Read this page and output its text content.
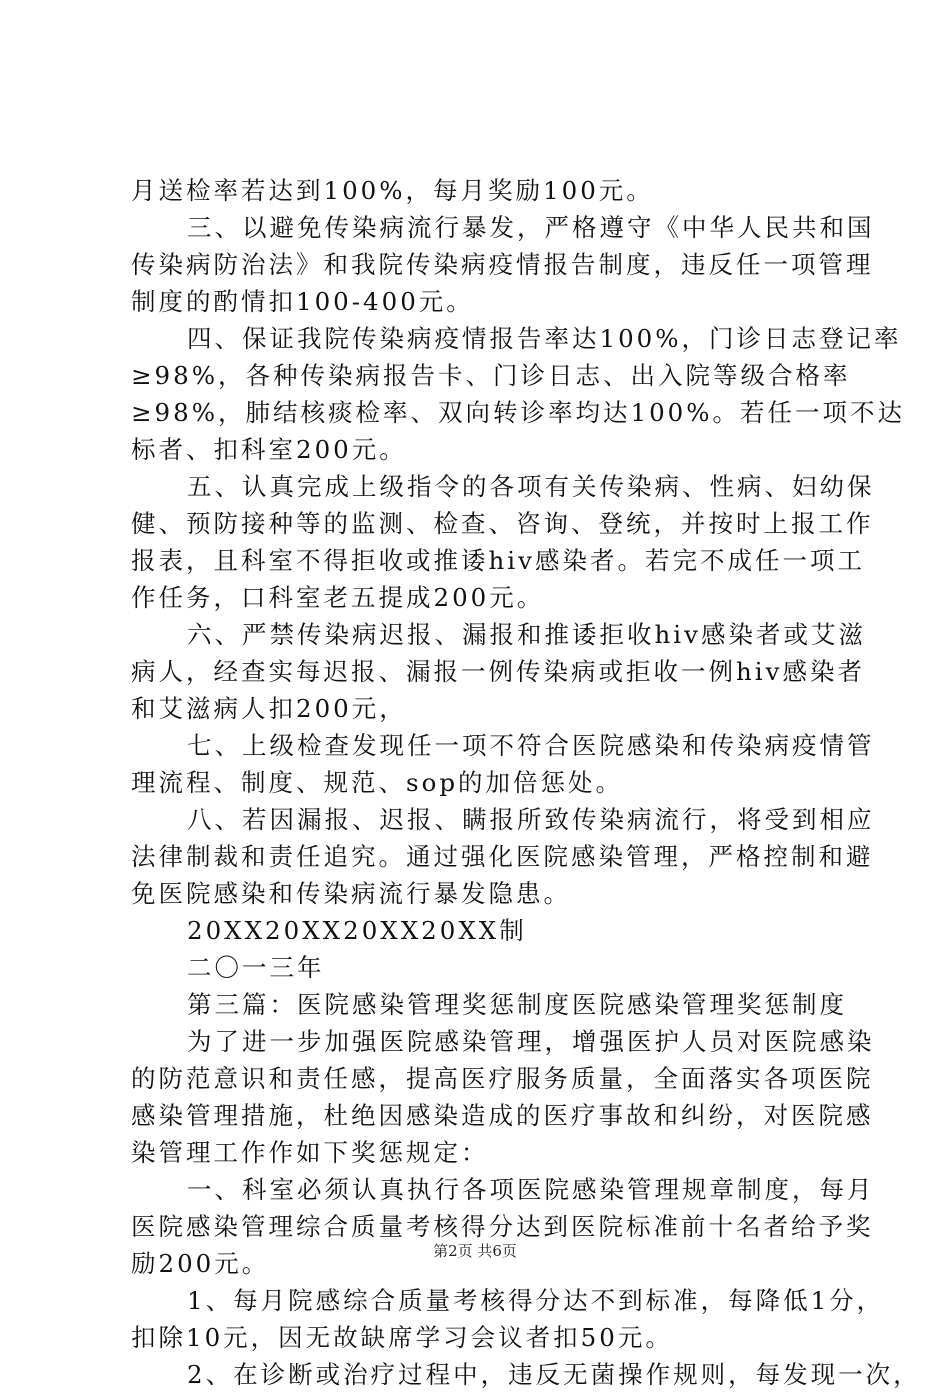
月送检率若达到100%，每月奖励100元。
三、以避免传染病流行暴发，严格遵守《中华人民共和国
传染病防治法》和我院传染病疫情报告制度，违反任一项管理
制度的酌情扣100-400元。
四、保证我院传染病疫情报告率达100%，门诊日志登记率
≥98%，各种传染病报告卡、门诊日志、出入院等级合格率
≥98%，肺结核痰检率、双向转诊率均达100%。若任一项不达
标者、扣科室200元。
五、认真完成上级指令的各项有关传染病、性病、妇幼保
健、预防接种等的监测、检查、咨询、登统，并按时上报工作
报表，且科室不得拒收或推诿hiv感染者。若完不成任一项工
作任务，口科室老五提成200元。
六、严禁传染病迟报、漏报和推诿拒收hiv感染者或艾滋
病人，经查实每迟报、漏报一例传染病或拒收一例hiv感染者
和艾滋病人扣200元，
七、上级检查发现任一项不符合医院感染和传染病疫情管
理流程、制度、规范、sop的加倍惩处。
八、若因漏报、迟报、瞒报所致传染病流行，将受到相应
法律制裁和责任追究。通过强化医院感染管理，严格控制和避
免医院感染和传染病流行暴发隐患。
20XX20XX20XX20XX制
二〇一三年
第三篇：医院感染管理奖惩制度医院感染管理奖惩制度
为了进一步加强医院感染管理，增强医护人员对医院感染
的防范意识和责任感，提高医疗服务质量，全面落实各项医院
感染管理措施，杜绝因感染造成的医疗事故和纠纷，对医院感
染管理工作作如下奖惩规定：
一、科室必须认真执行各项医院感染管理规章制度，每月
医院感染管理综合质量考核得分达到医院标准前十名者给予奖
励200元。
1、每月院感综合质量考核得分达不到标准，每降低1分，
扣除10元，因无故缺席学习会议者扣50元。
2、在诊断或治疗过程中，违反无菌操作规则，每发现一次，
第2页 共6页
